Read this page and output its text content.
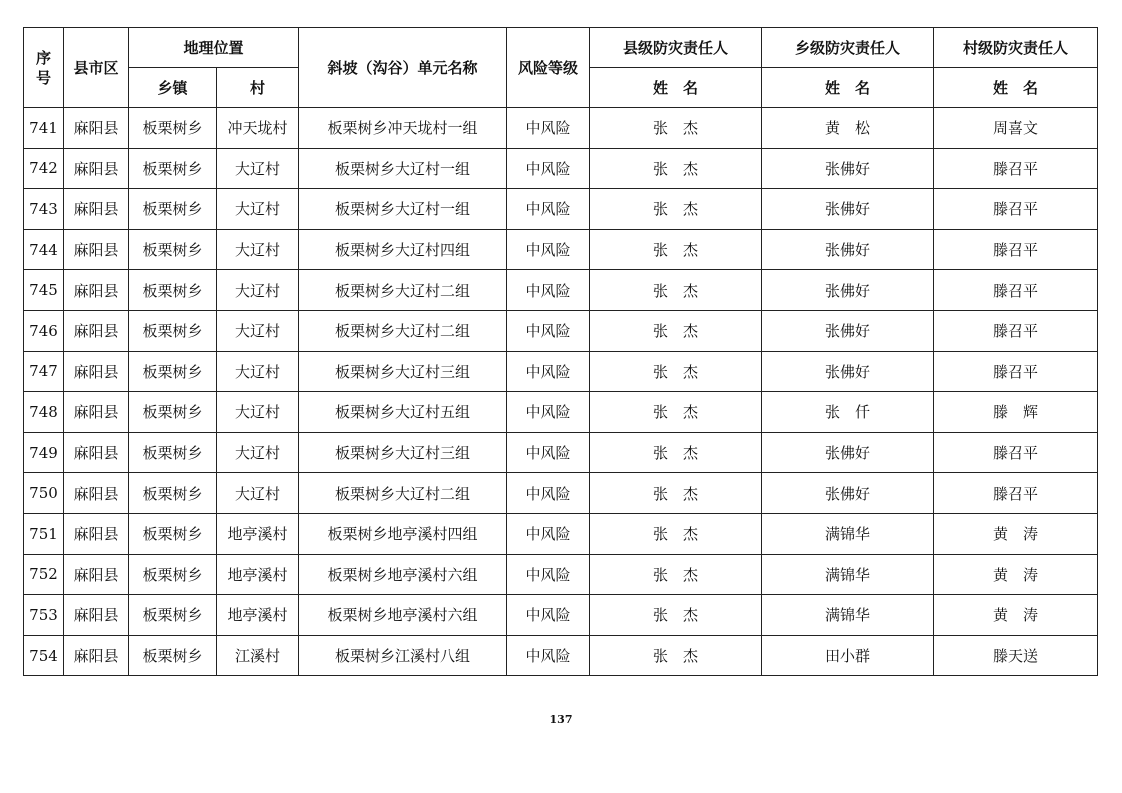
序
号	县市区	地理位置		斜坡（沟谷）单元名称	风险等级	县级防灾责任人	乡级防灾责任人	村级防灾责任人
		乡镇	村			姓　名	姓　名	姓　名
741	麻阳县	板栗树乡	冲天垅村	板栗树乡冲天垅村一组	中风险	张　杰	黄　松	周喜文
742	麻阳县	板栗树乡	大辽村	板栗树乡大辽村一组	中风险	张　杰	张佛好	滕召平
743	麻阳县	板栗树乡	大辽村	板栗树乡大辽村一组	中风险	张　杰	张佛好	滕召平
744	麻阳县	板栗树乡	大辽村	板栗树乡大辽村四组	中风险	张　杰	张佛好	滕召平
745	麻阳县	板栗树乡	大辽村	板栗树乡大辽村二组	中风险	张　杰	张佛好	滕召平
746	麻阳县	板栗树乡	大辽村	板栗树乡大辽村二组	中风险	张　杰	张佛好	滕召平
747	麻阳县	板栗树乡	大辽村	板栗树乡大辽村三组	中风险	张　杰	张佛好	滕召平
748	麻阳县	板栗树乡	大辽村	板栗树乡大辽村五组	中风险	张　杰	张　仟	滕　辉
749	麻阳县	板栗树乡	大辽村	板栗树乡大辽村三组	中风险	张　杰	张佛好	滕召平
750	麻阳县	板栗树乡	大辽村	板栗树乡大辽村二组	中风险	张　杰	张佛好	滕召平
751	麻阳县	板栗树乡	地亭溪村	板栗树乡地亭溪村四组	中风险	张　杰	满锦华	黄　涛
752	麻阳县	板栗树乡	地亭溪村	板栗树乡地亭溪村六组	中风险	张　杰	满锦华	黄　涛
753	麻阳县	板栗树乡	地亭溪村	板栗树乡地亭溪村六组	中风险	张　杰	满锦华	黄　涛
754	麻阳县	板栗树乡	江溪村	板栗树乡江溪村八组	中风险	张　杰	田小群	滕天送
137
